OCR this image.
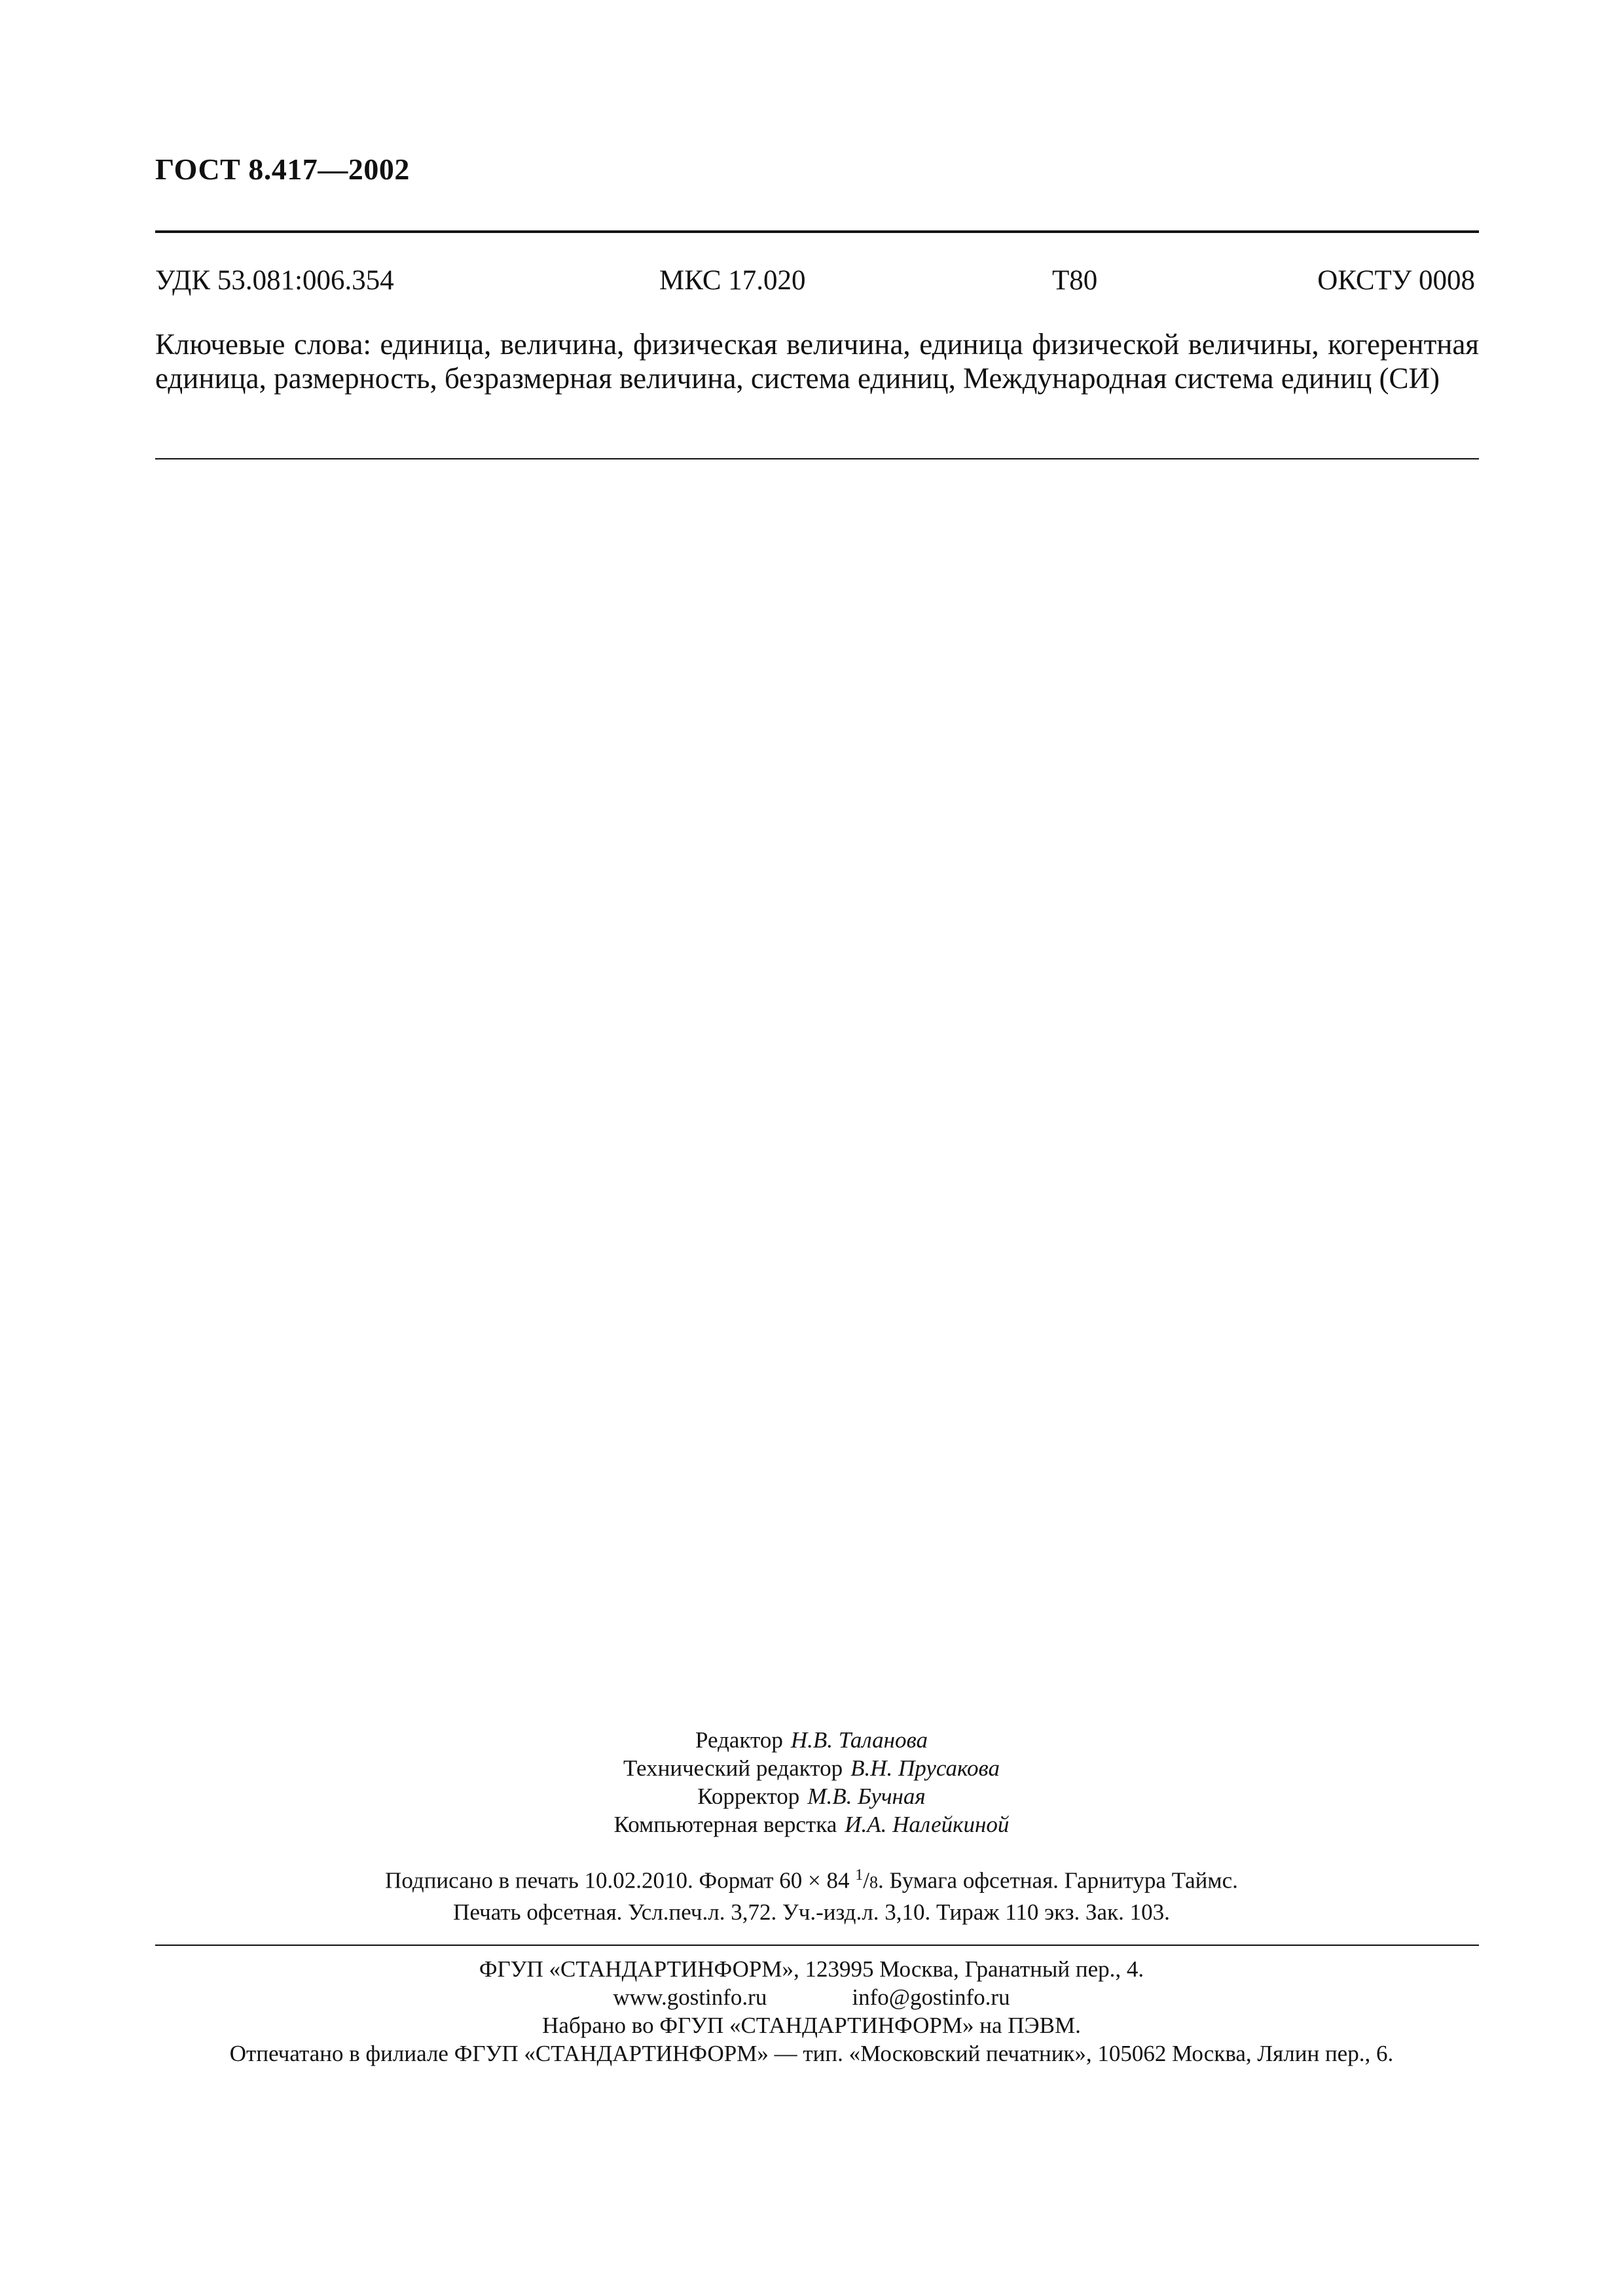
ГОСТ 8.417—2002
УДК 53.081:006.354	МКС 17.020	Т80	ОКСТУ 0008
Ключевые слова: единица, величина, физическая величина, единица физической величины, когерентная единица, размерность, безразмерная величина, система единиц, Международная система единиц (СИ)
Редактор Н.В. Таланова
Технический редактор В.Н. Прусакова
Корректор М.В. Бучная
Компьютерная верстка И.А. Налейкиной
Подписано в печать 10.02.2010. Формат 60 × 84 $^1$/8. Бумага офсетная. Гарнитура Таймс.
Печать офсетная. Усл.печ.л. 3,72. Уч.-изд.л. 3,10. Тираж 110 экз. Зак. 103.
ФГУП «СТАНДАРТИНФОРМ», 123995 Москва, Гранатный пер., 4.
www.gostinfo.ru	info@gostinfo.ru
Набрано во ФГУП «СТАНДАРТИНФОРМ» на ПЭВМ.
Отпечатано в филиале ФГУП «СТАНДАРТИНФОРМ» — тип. «Московский печатник», 105062 Москва, Лялин пер., 6.
